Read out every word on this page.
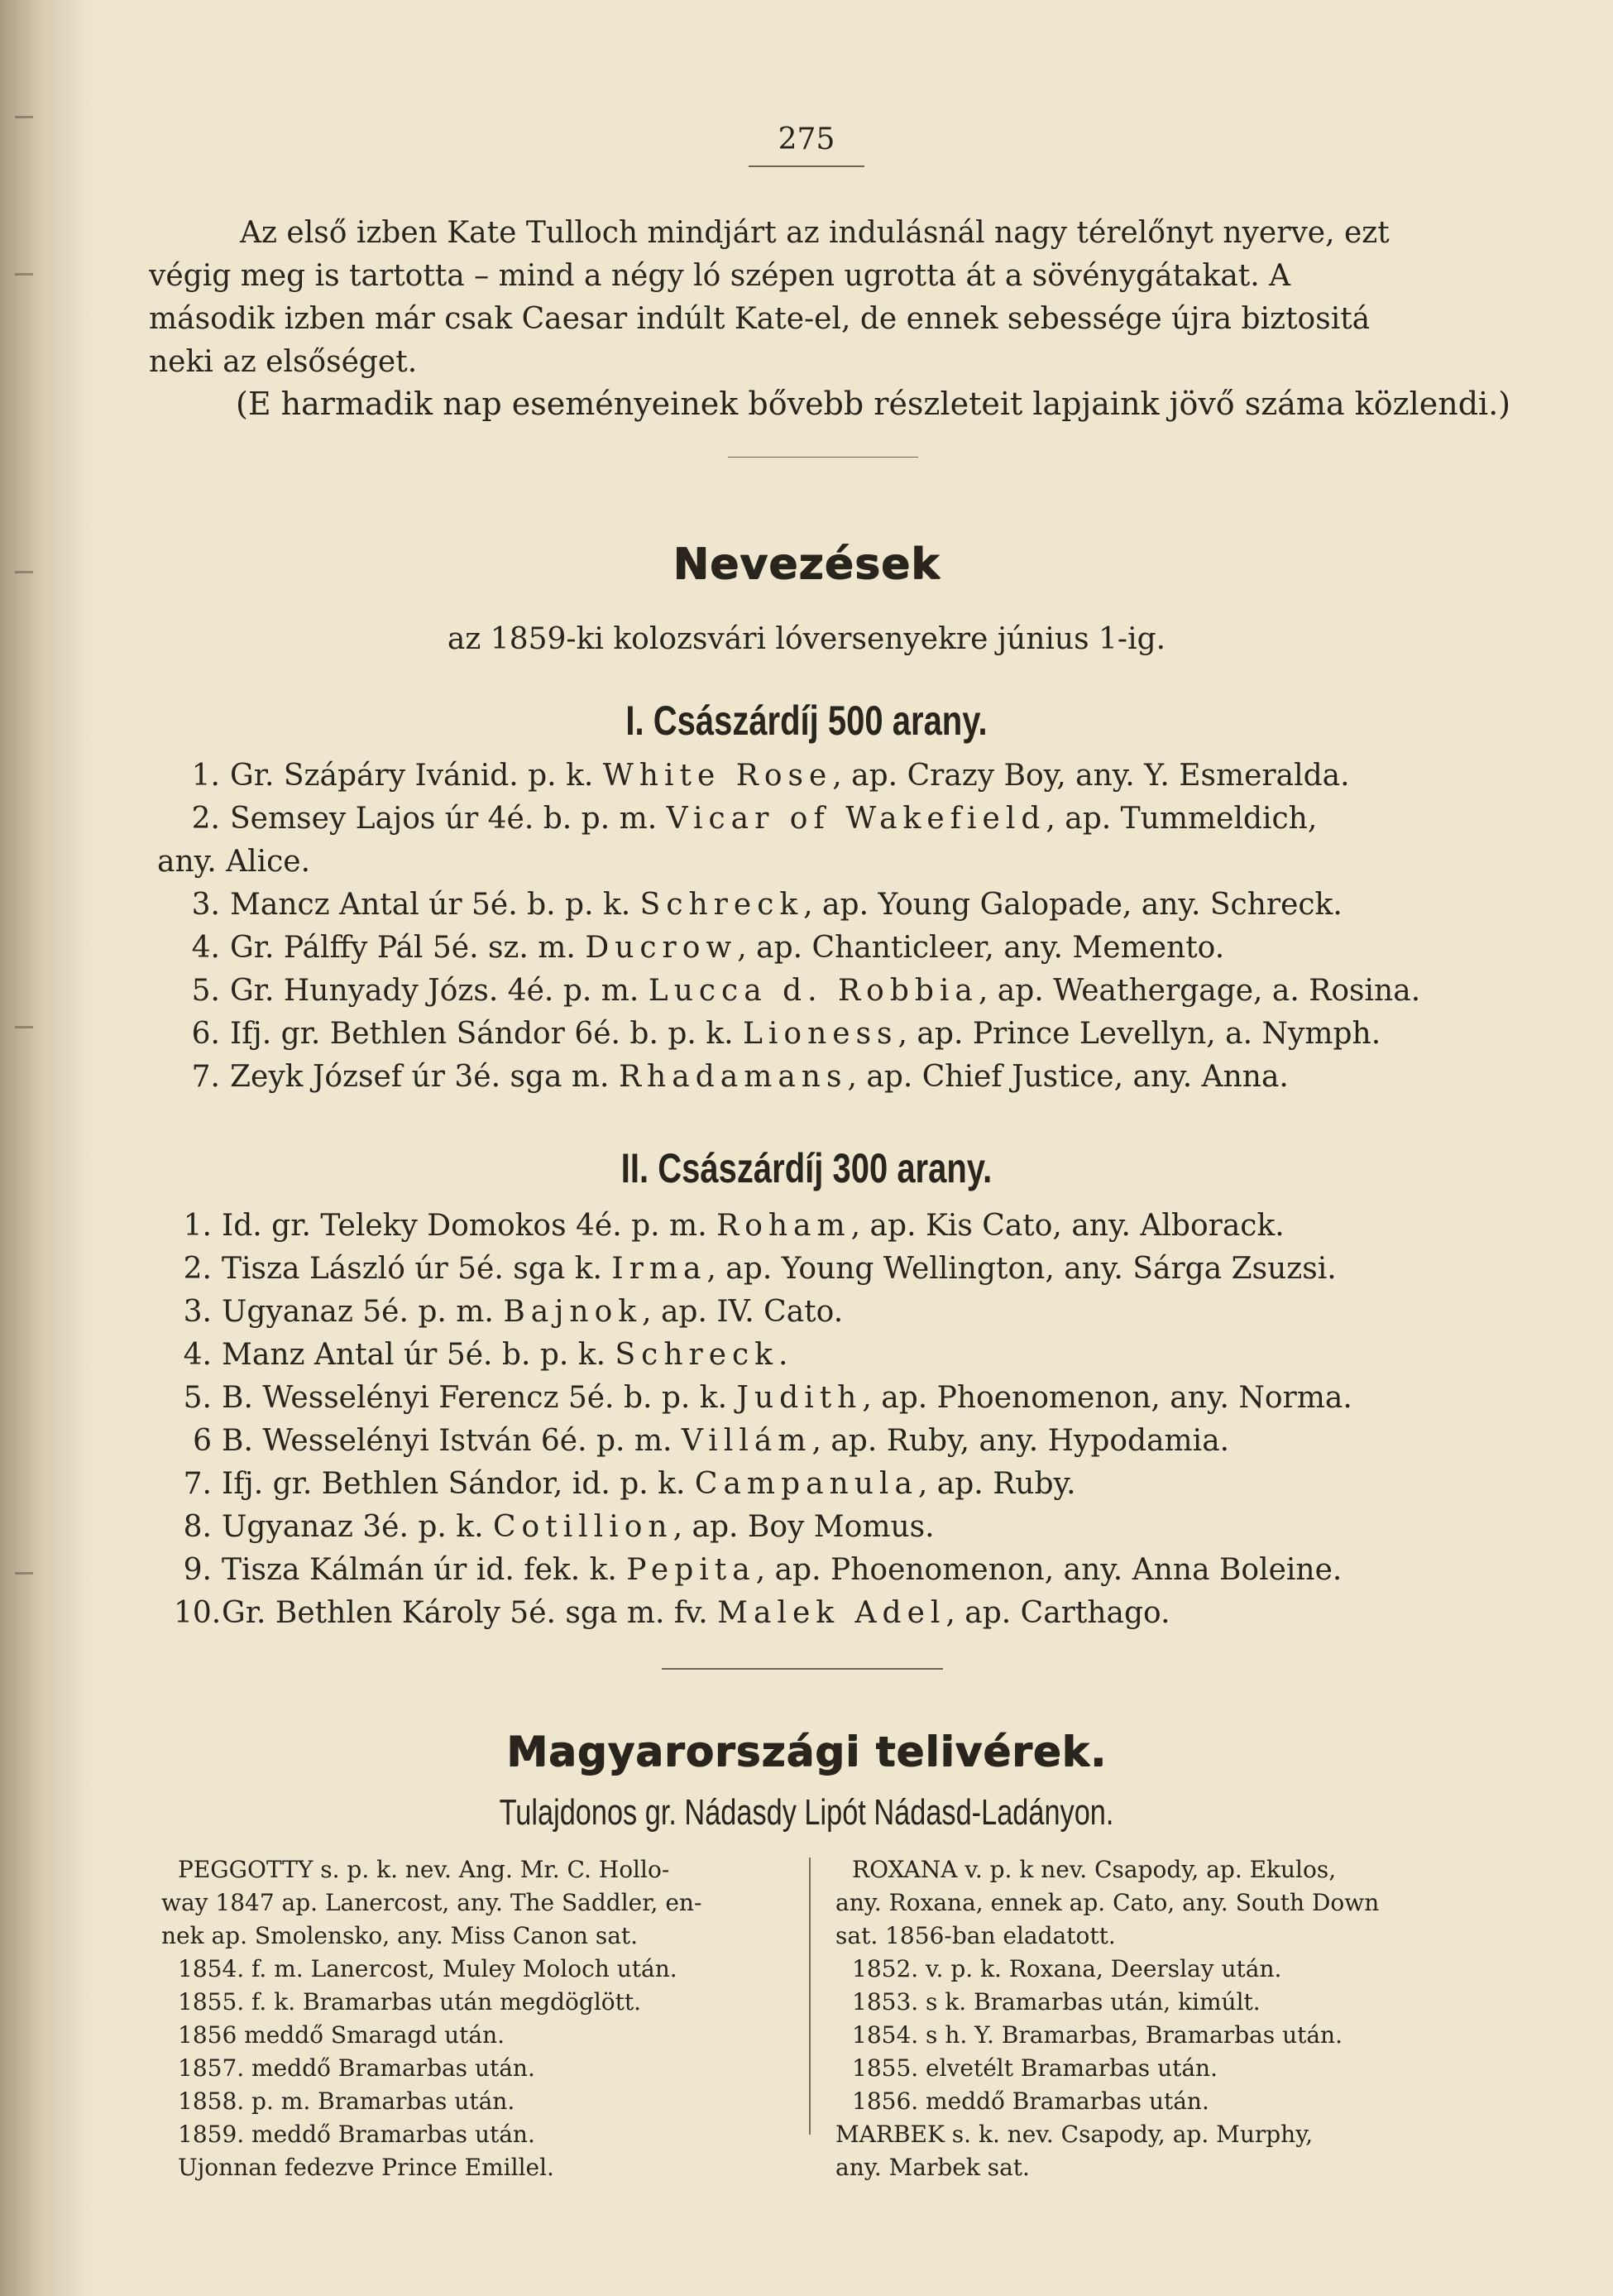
275

Az első izben Kate Tulloch mindjárt az indulásnál nagy térelőnyt nyerve, ezt
végig meg is tartotta – mind a négy ló szépen ugrotta át a sövénygátakat. A
második izben már csak Caesar indúlt Kate-el, de ennek sebessége újra biztositá
neki az elsőséget.

(E harmadik nap eseményeinek bővebb részleteit lapjaink jövő száma közlendi.)
Nevezések
az 1859-ki kolozsvári lóversenyekre június 1-ig.
I. Császárdíj 500 arany.
1. Gr. Szápáry Ivánid. p. k. White Rose, ap. Crazy Boy, any. Y. Esmeralda.
2. Semsey Lajos úr 4é. b. p. m. Vicar of Wakefield, ap. Tummeldich,
any. Alice.
3. Mancz Antal úr 5é. b. p. k. Schreck, ap. Young Galopade, any. Schreck.
4. Gr. Pálffy Pál 5é. sz. m. Ducrow, ap. Chanticleer, any. Memento.
5. Gr. Hunyady Józs. 4é. p. m. Lucca d. Robbia, ap. Weathergage, a. Rosina.
6. Ifj. gr. Bethlen Sándor 6é. b. p. k. Lioness, ap. Prince Levellyn, a. Nymph.
7. Zeyk József úr 3é. sga m. Rhadamans, ap. Chief Justice, any. Anna.
II. Császárdíj 300 arany.
1. Id. gr. Teleky Domokos 4é. p. m. Roham, ap. Kis Cato, any. Alborack.
2. Tisza László úr 5é. sga k. Irma, ap. Young Wellington, any. Sárga Zsuzsi.
3. Ugyanaz 5é. p. m. Bajnok, ap. IV. Cato.
4. Manz Antal úr 5é. b. p. k. Schreck.
5. B. Wesselényi Ferencz 5é. b. p. k. Judith, ap. Phoenomenon, any. Norma.
6 B. Wesselényi István 6é. p. m. Villám, ap. Ruby, any. Hypodamia.
7. Ifj. gr. Bethlen Sándor, id. p. k. Campanula, ap. Ruby.
8. Ugyanaz 3é. p. k. Cotillion, ap. Boy Momus.
9. Tisza Kálmán úr id. fek. k. Pepita, ap. Phoenomenon, any. Anna Boleine.
10.Gr. Bethlen Károly 5é. sga m. fv. Malek Adel, ap. Carthago.
Magyarországi telivérek.
Tulajdonos gr. Nádasdy Lipót Nádasd-Ladányon.
PEGGOTTY s. p. k. nev. Ang. Mr. C. Hollo-
way 1847 ap. Lanercost, any. The Saddler, en-
nek ap. Smolensko, any. Miss Canon sat.
1854. f. m. Lanercost, Muley Moloch után.
1855. f. k. Bramarbas után megdöglött.
1856 meddő Smaragd után.
1857. meddő Bramarbas után.
1858. p. m. Bramarbas után.
1859. meddő Bramarbas után.
Ujonnan fedezve Prince Emillel.
ROXANA v. p. k nev. Csapody, ap. Ekulos,
any. Roxana, ennek ap. Cato, any. South Down
sat. 1856-ban eladatott.
1852. v. p. k. Roxana, Deerslay után.
1853. s k. Bramarbas után, kimúlt.
1854. s h. Y. Bramarbas, Bramarbas után.
1855. elvetélt Bramarbas után.
1856. meddő Bramarbas után.
MARBEK s. k. nev. Csapody, ap. Murphy,
any. Marbek sat.
